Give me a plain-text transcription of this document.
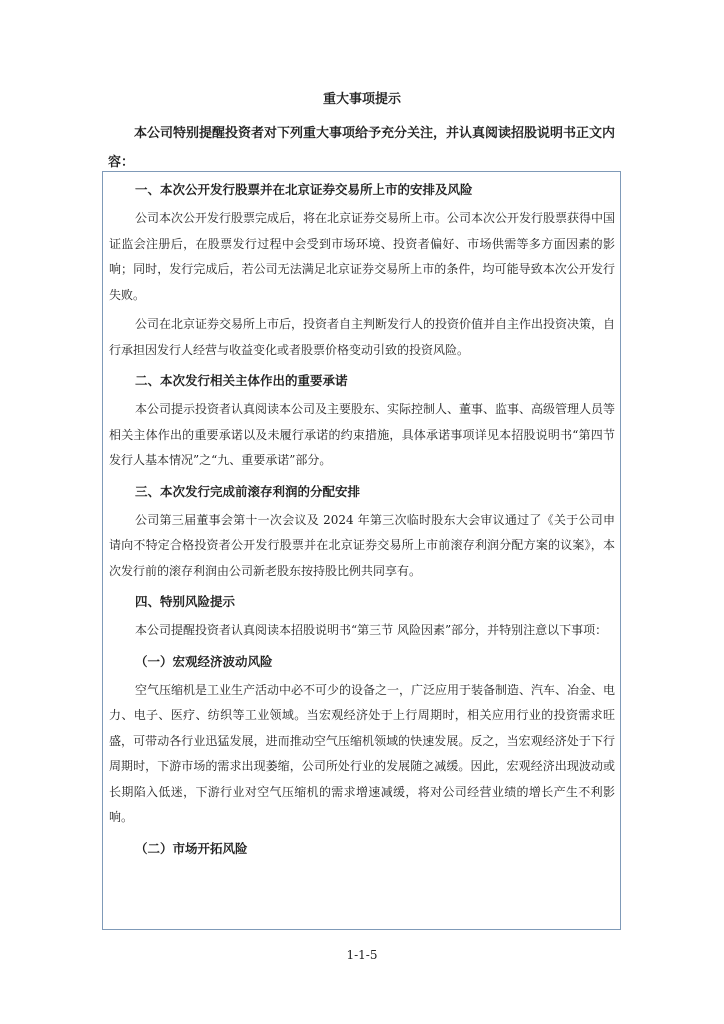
重大事项提示
本公司特别提醒投资者对下列重大事项给予充分关注，并认真阅读招股说明书正文内容：
一、本次公开发行股票并在北京证券交易所上市的安排及风险
公司本次公开发行股票完成后，将在北京证券交易所上市。公司本次公开发行股票获得中国证监会注册后，在股票发行过程中会受到市场环境、投资者偏好、市场供需等多方面因素的影响；同时，发行完成后，若公司无法满足北京证券交易所上市的条件，均可能导致本次公开发行失败。
公司在北京证券交易所上市后，投资者自主判断发行人的投资价值并自主作出投资决策，自行承担因发行人经营与收益变化或者股票价格变动引致的投资风险。
二、本次发行相关主体作出的重要承诺
本公司提示投资者认真阅读本公司及主要股东、实际控制人、董事、监事、高级管理人员等相关主体作出的重要承诺以及未履行承诺的约束措施，具体承诺事项详见本招股说明书“第四节 发行人基本情况”之“九、重要承诺”部分。
三、本次发行完成前滚存利润的分配安排
公司第三届董事会第十一次会议及 2024 年第三次临时股东大会审议通过了《关于公司申请向不特定合格投资者公开发行股票并在北京证券交易所上市前滚存利润分配方案的议案》，本次发行前的滚存利润由公司新老股东按持股比例共同享有。
四、特别风险提示
本公司提醒投资者认真阅读本招股说明书“第三节 风险因素”部分，并特别注意以下事项：
（一）宏观经济波动风险
空气压缩机是工业生产活动中必不可少的设备之一，广泛应用于装备制造、汽车、冶金、电力、电子、医疗、纺织等工业领域。当宏观经济处于上行周期时，相关应用行业的投资需求旺盛，可带动各行业迅猛发展，进而推动空气压缩机领域的快速发展。反之，当宏观经济处于下行周期时，下游市场的需求出现萎缩，公司所处行业的发展随之减缓。因此，宏观经济出现波动或长期陷入低迷，下游行业对空气压缩机的需求增速减缓，将对公司经营业绩的增长产生不利影响。
（二）市场开拓风险
1-1-5
